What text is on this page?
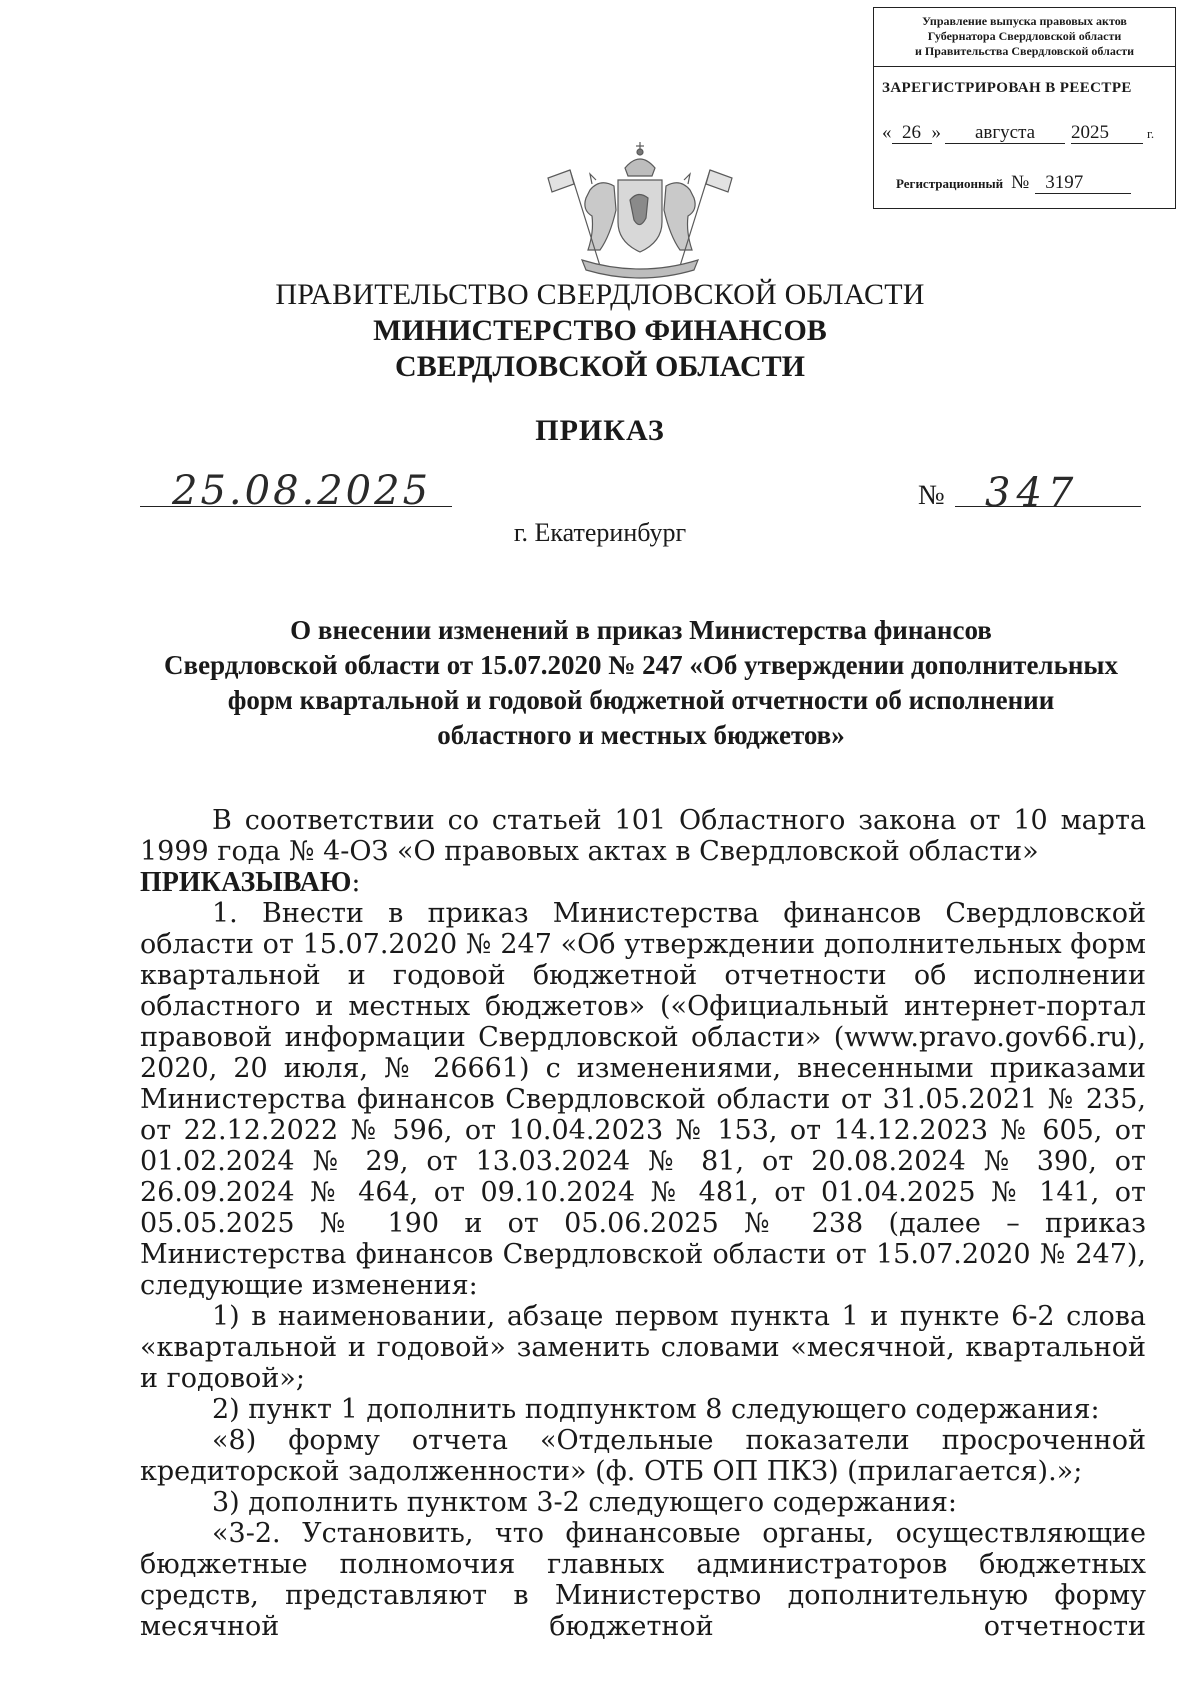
Управление выпуска правовых актов
Губернатора Свердловской области
и Правительства Свердловской области
ЗАРЕГИСТРИРОВАН В РЕЕСТРЕ
« 26 » августа 2025	г.
Регистрационный № 3197
ПРАВИТЕЛЬСТВО СВЕРДЛОВСКОЙ ОБЛАСТИ
МИНИСТЕРСТВО ФИНАНСОВ
СВЕРДЛОВСКОЙ ОБЛАСТИ
ПРИКАЗ
25.08.2025	№ 347
г. Екатеринбург
О внесении изменений в приказ Министерства финансов
Свердловской области от 15.07.2020 № 247 «Об утверждении дополнительных
форм квартальной и годовой бюджетной отчетности об исполнении
областного и местных бюджетов»

В соответствии со статьей 101 Областного закона от 10 марта 1999 года № 4-ОЗ «О правовых актах в Свердловской области»

ПРИКАЗЫВАЮ:

1. Внести в приказ Министерства финансов Свердловской области от 15.07.2020 № 247 «Об утверждении дополнительных форм квартальной и годовой бюджетной отчетности об исполнении областного и местных бюджетов» («Официальный интернет-портал правовой информации Свердловской области» (www.pravo.gov66.ru), 2020, 20 июля, № 26661) с изменениями, внесенными приказами Министерства финансов Свердловской области от 31.05.2021 № 235, от 22.12.2022 № 596, от 10.04.2023 № 153, от 14.12.2023 № 605, от 01.02.2024 № 29, от 13.03.2024 № 81, от 20.08.2024 № 390, от 26.09.2024 № 464, от 09.10.2024 № 481, от 01.04.2025 № 141, от 05.05.2025 № 190 и от 05.06.2025 № 238 (далее – приказ Министерства финансов Свердловской области от 15.07.2020 № 247), следующие изменения:

1) в наименовании, абзаце первом пункта 1 и пункте 6-2 слова «квартальной и годовой» заменить словами «месячной, квартальной и годовой»;

2) пункт 1 дополнить подпунктом 8 следующего содержания:

«8) форму отчета «Отдельные показатели просроченной кредиторской задолженности» (ф. ОТБ ОП ПКЗ) (прилагается).»;

3) дополнить пунктом 3-2 следующего содержания:

«3-2. Установить, что финансовые органы, осуществляющие бюджетные полномочия главных администраторов бюджетных средств, представляют в Министерство дополнительную форму месячной бюджетной отчетности
